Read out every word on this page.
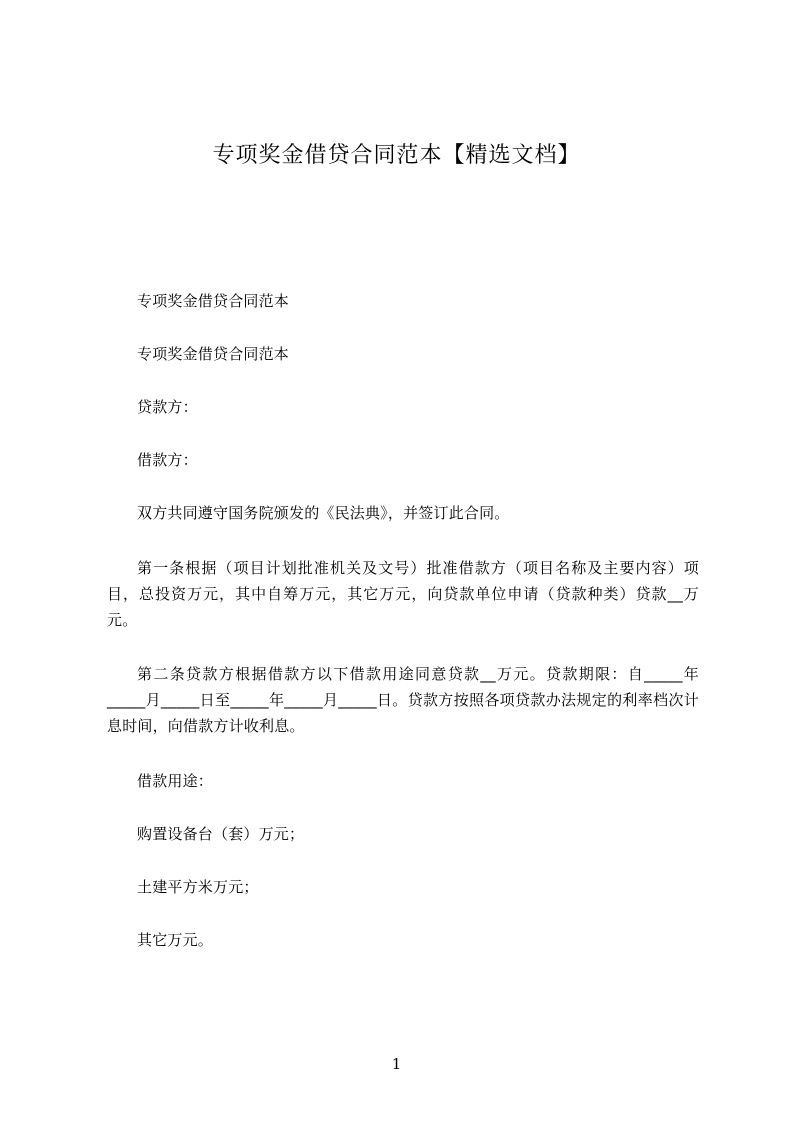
专项奖金借贷合同范本【精选文档】

专项奖金借贷合同范本

专项奖金借贷合同范本

贷款方：

借款方：

双方共同遵守国务院颁发的《民法典》，并签订此合同。

第一条根据（项目计划批准机关及文号）批准借款方（项目名称及主要内容）项目，总投资万元，其中自筹万元，其它万元，向贷款单位申请（贷款种类）贷款__万元。

第二条贷款方根据借款方以下借款用途同意贷款__万元。贷款期限：自_____年_____月_____日至_____年_____月_____日。贷款方按照各项贷款办法规定的利率档次计息时间，向借款方计收利息。

借款用途：

购置设备台（套）万元；

土建平方米万元；

其它万元。

1
